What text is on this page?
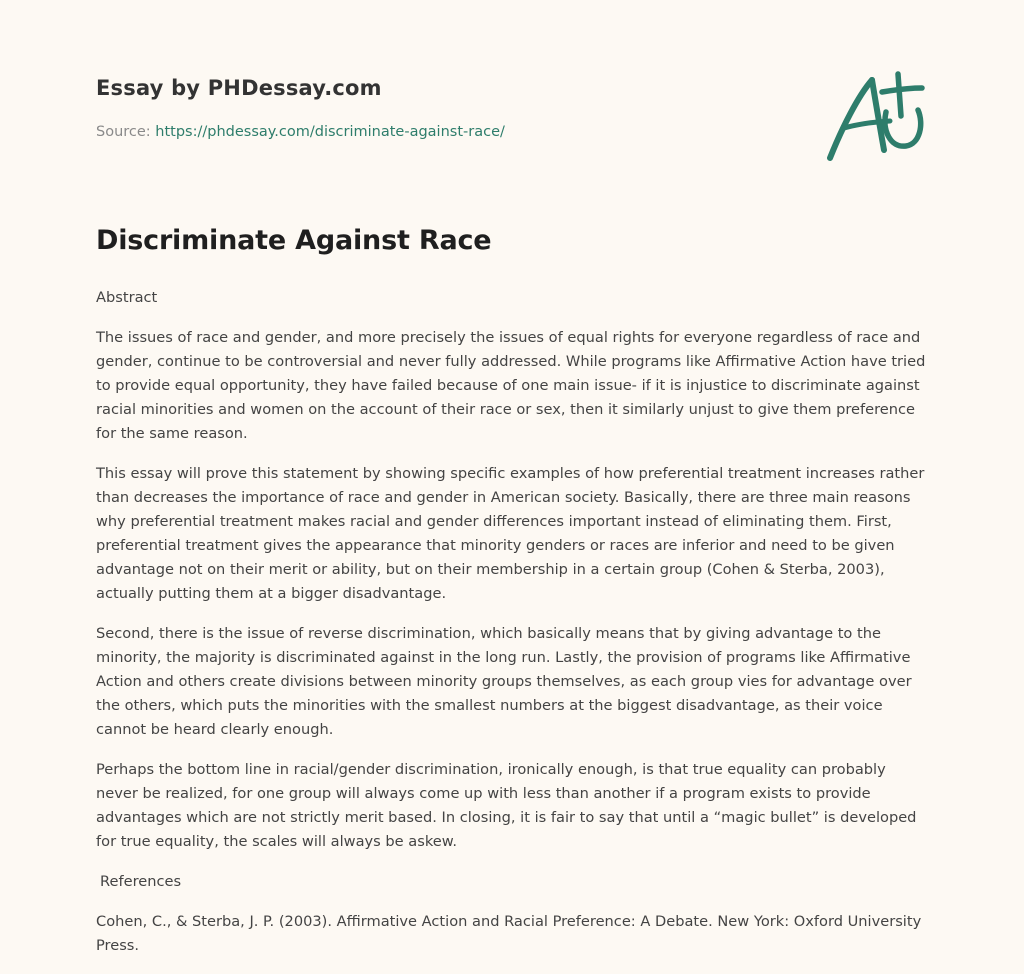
Essay by PHDessay.com
Source: https://phdessay.com/discriminate-against-race/
Discriminate Against Race

Abstract

The issues of race and gender, and more precisely the issues of equal rights for everyone regardless of race and gender, continue to be controversial and never fully addressed. While programs like Affirmative Action have tried to provide equal opportunity, they have failed because of one main issue- if it is injustice to discriminate against racial minorities and women on the account of their race or sex, then it similarly unjust to give them preference for the same reason.

This essay will prove this statement by showing specific examples of how preferential treatment increases rather than decreases the importance of race and gender in American society. Basically, there are three main reasons why preferential treatment makes racial and gender differences important instead of eliminating them. First, preferential treatment gives the appearance that minority genders or races are inferior and need to be given advantage not on their merit or ability, but on their membership in a certain group (Cohen & Sterba, 2003), actually putting them at a bigger disadvantage.

Second, there is the issue of reverse discrimination, which basically means that by giving advantage to the minority, the majority is discriminated against in the long run. Lastly, the provision of programs like Affirmative Action and others create divisions between minority groups themselves, as each group vies for advantage over the others, which puts the minorities with the smallest numbers at the biggest disadvantage, as their voice cannot be heard clearly enough.

Perhaps the bottom line in racial/gender discrimination, ironically enough, is that true equality can probably never be realized, for one group will always come up with less than another if a program exists to provide advantages which are not strictly merit based. In closing, it is fair to say that until a “magic bullet” is developed for true equality, the scales will always be askew.

References

Cohen, C., & Sterba, J. P. (2003). Affirmative Action and Racial Preference: A Debate. New York: Oxford University Press.
